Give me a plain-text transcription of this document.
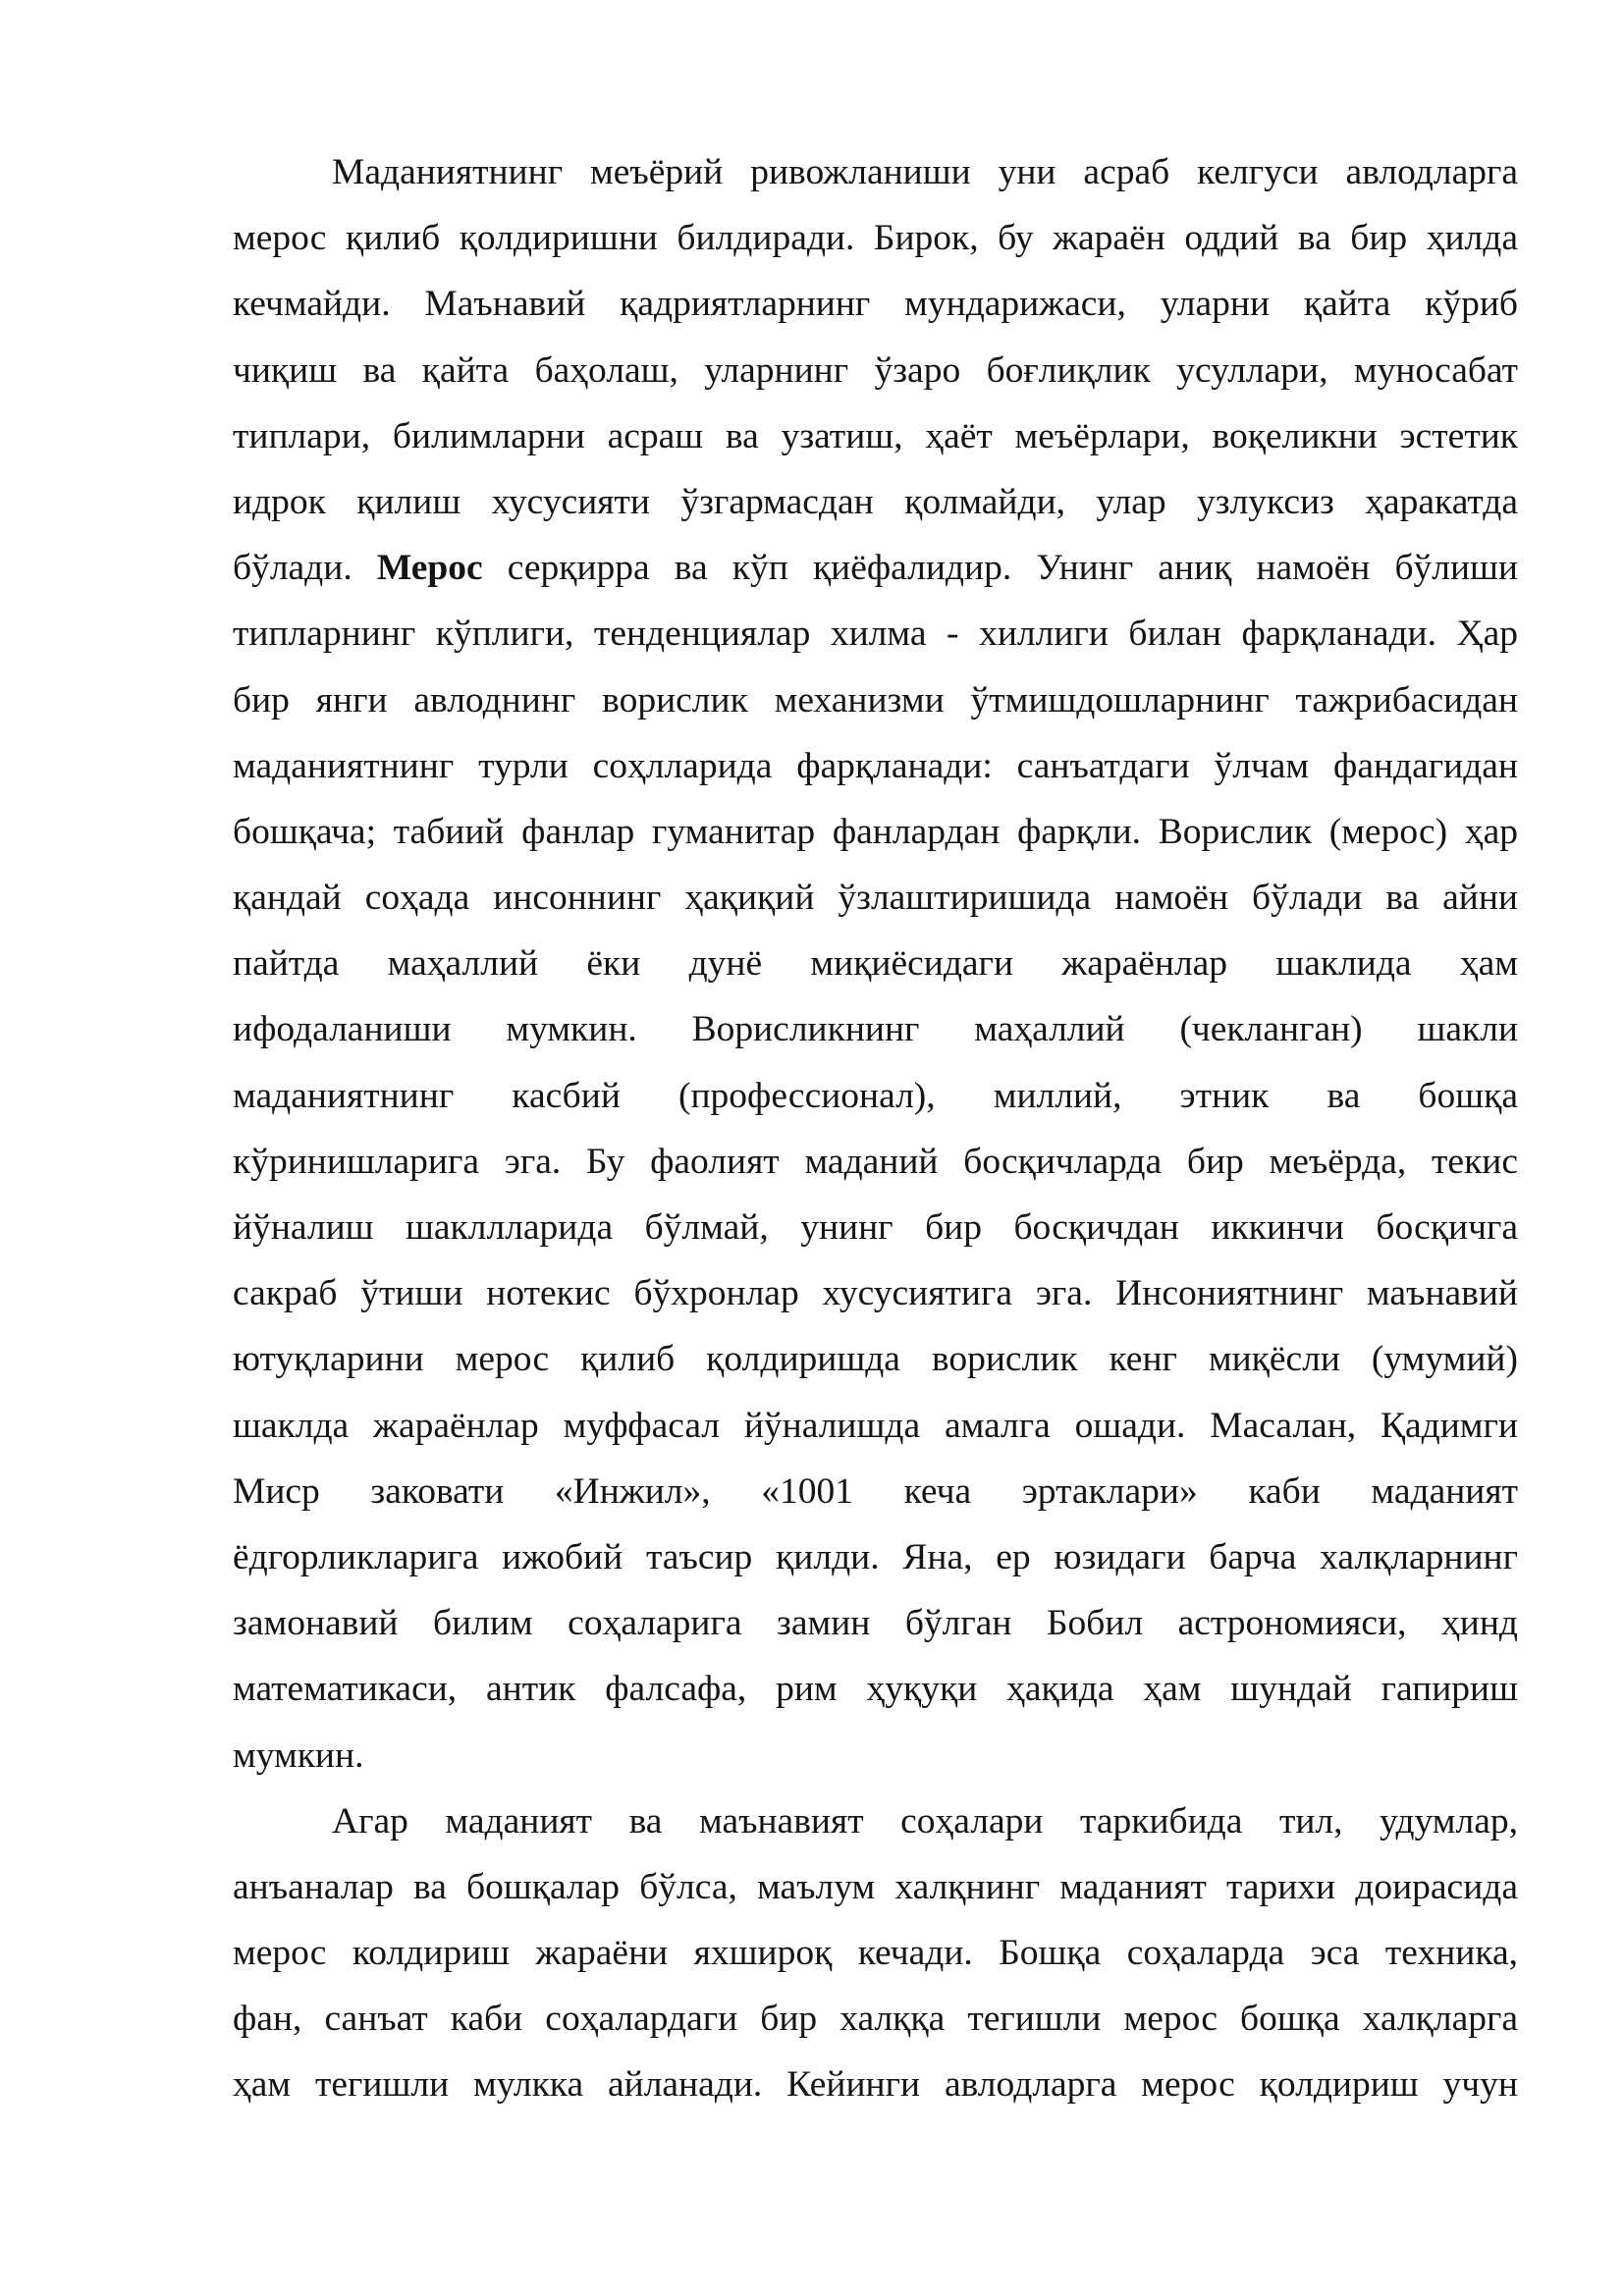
Маданиятнинг меъёрий ривожланиши уни асраб келгуси авлодларга
мерос қилиб қолдиришни билдиради. Бирок, бу жараён оддий ва бир ҳилда
кечмайди. Маънавий қадриятларнинг мундарижаси, уларни қайта кўриб
чиқиш ва қайта баҳолаш, уларнинг ўзаро боғлиқлик усуллари, муносабат
типлари, билимларни асраш ва узатиш, ҳаёт меъёрлари, воқеликни эстетик
идрок қилиш хусусияти ўзгармасдан қолмайди, улар узлуксиз ҳаракатда
бўлади. Мерос серқирра ва кўп қиёфалидир. Унинг аниқ намоён бўлиши
типларнинг кўплиги, тенденциялар хилма - хиллиги билан фарқланади. Ҳар
бир янги авлоднинг ворислик механизми ўтмишдошларнинг тажрибасидан
маданиятнинг турли соҳлларида фарқланади: санъатдаги ўлчам фандагидан
бошқача; табиий фанлар гуманитар фанлардан фарқли. Ворислик (мерос) ҳар
қандай соҳада инсоннинг ҳақиқий ўзлаштиришида намоён бўлади ва айни
пайтда маҳаллий ёки дунё миқиёсидаги жараёнлар шаклида ҳам
ифодаланиши мумкин. Ворисликнинг маҳаллий (чекланган) шакли
маданиятнинг касбий (профессионал), миллий, этник ва бошқа
кўринишларига эга. Бу фаолият маданий босқичларда бир меъёрда, текис
йўналиш шакллларида бўлмай, унинг бир босқичдан иккинчи босқичга
сакраб ўтиши нотекис бўхронлар хусусиятига эга. Инсониятнинг маънавий
ютуқларини мерос қилиб қолдиришда ворислик кенг миқёсли (умумий)
шаклда жараёнлар муффасал йўналишда амалга ошади. Масалан, Қадимги
Миср заковати «Инжил», «1001 кеча эртаклари» каби маданият
ёдгорликларига ижобий таъсир қилди. Яна, ер юзидаги барча халқларнинг
замонавий билим соҳаларига замин бўлган Бобил астрономияси, ҳинд
математикаси, антик фалсафа, рим ҳуқуқи ҳақида ҳам шундай гапириш
мумкин.
Агар маданият ва маънавият соҳалари таркибида тил, удумлар,
анъаналар ва бошқалар бўлса, маълум халқнинг маданият тарихи доирасида
мерос колдириш жараёни яхшироқ кечади. Бошқа соҳаларда эса техника,
фан, санъат каби соҳалардаги бир халққа тегишли мерос бошқа халқларга
ҳам тегишли мулкка айланади. Кейинги авлодларга мерос қолдириш учун
